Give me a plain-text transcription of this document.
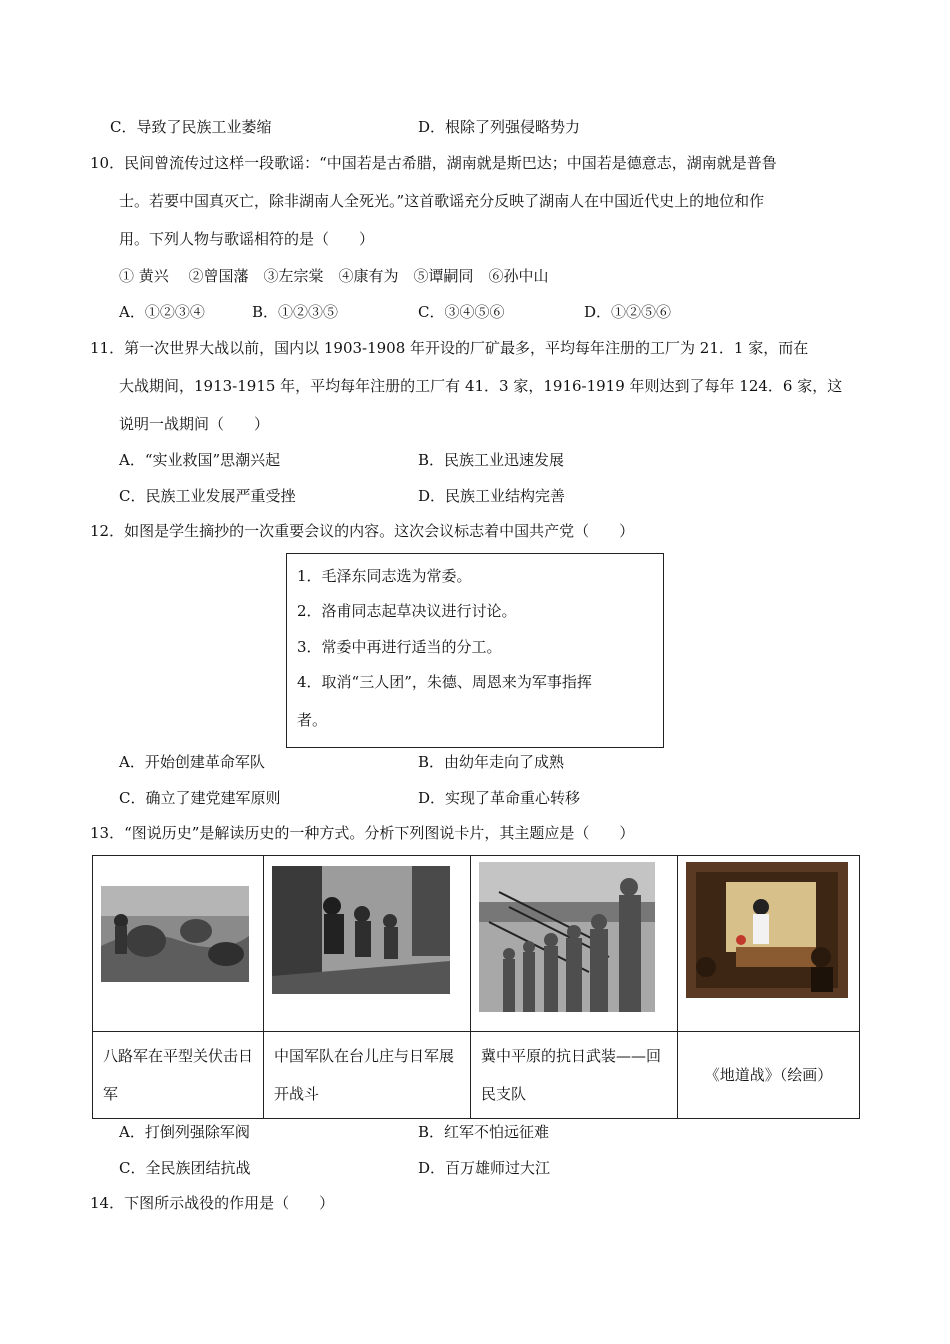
C．导致了民族工业萎缩	D．根除了列强侵略势力
10．民间曾流传过这样一段歌谣：“中国若是古希腊，湖南就是斯巴达；中国若是德意志，湖南就是普鲁
士。若要中国真灭亡，除非湖南人全死光。”这首歌谣充分反映了湖南人在中国近代史上的地位和作
用。下列人物与歌谣相符的是（　　）
① 黄兴　 ②曾国藩　③左宗棠　④康有为　⑤谭嗣同　⑥孙中山
A．①②③④	B．①②③⑤	C．③④⑤⑥	D．①②⑤⑥
11．第一次世界大战以前，国内以 1903-1908 年开设的厂矿最多，平均每年注册的工厂为 21．1 家，而在
大战期间，1913-1915 年，平均每年注册的工厂有 41．3 家，1916-1919 年则达到了每年 124．6 家，这
说明一战期间（　　）
A．“实业救国”思潮兴起	B．民族工业迅速发展
C．民族工业发展严重受挫	D．民族工业结构完善
12．如图是学生摘抄的一次重要会议的内容。这次会议标志着中国共产党（　　）
1．毛泽东同志选为常委。
2．洛甫同志起草决议进行讨论。
3．常委中再进行适当的分工。
4．取消“三人团”，朱德、周恩来为军事指挥
者。
A．开始创建革命军队	B．由幼年走向了成熟
C．确立了建党建军原则	D．实现了革命重心转移
13．“图说历史”是解读历史的一种方式。分析下列图说卡片，其主题应是（　　）

八路军在平型关伏击日军	中国军队在台儿庄与日军展开战斗	冀中平原的抗日武装——回民支队	《地道战》（绘画）
A．打倒列强除军阀	B．红军不怕远征难
C．全民族团结抗战	D．百万雄师过大江
14．下图所示战役的作用是（　　）
